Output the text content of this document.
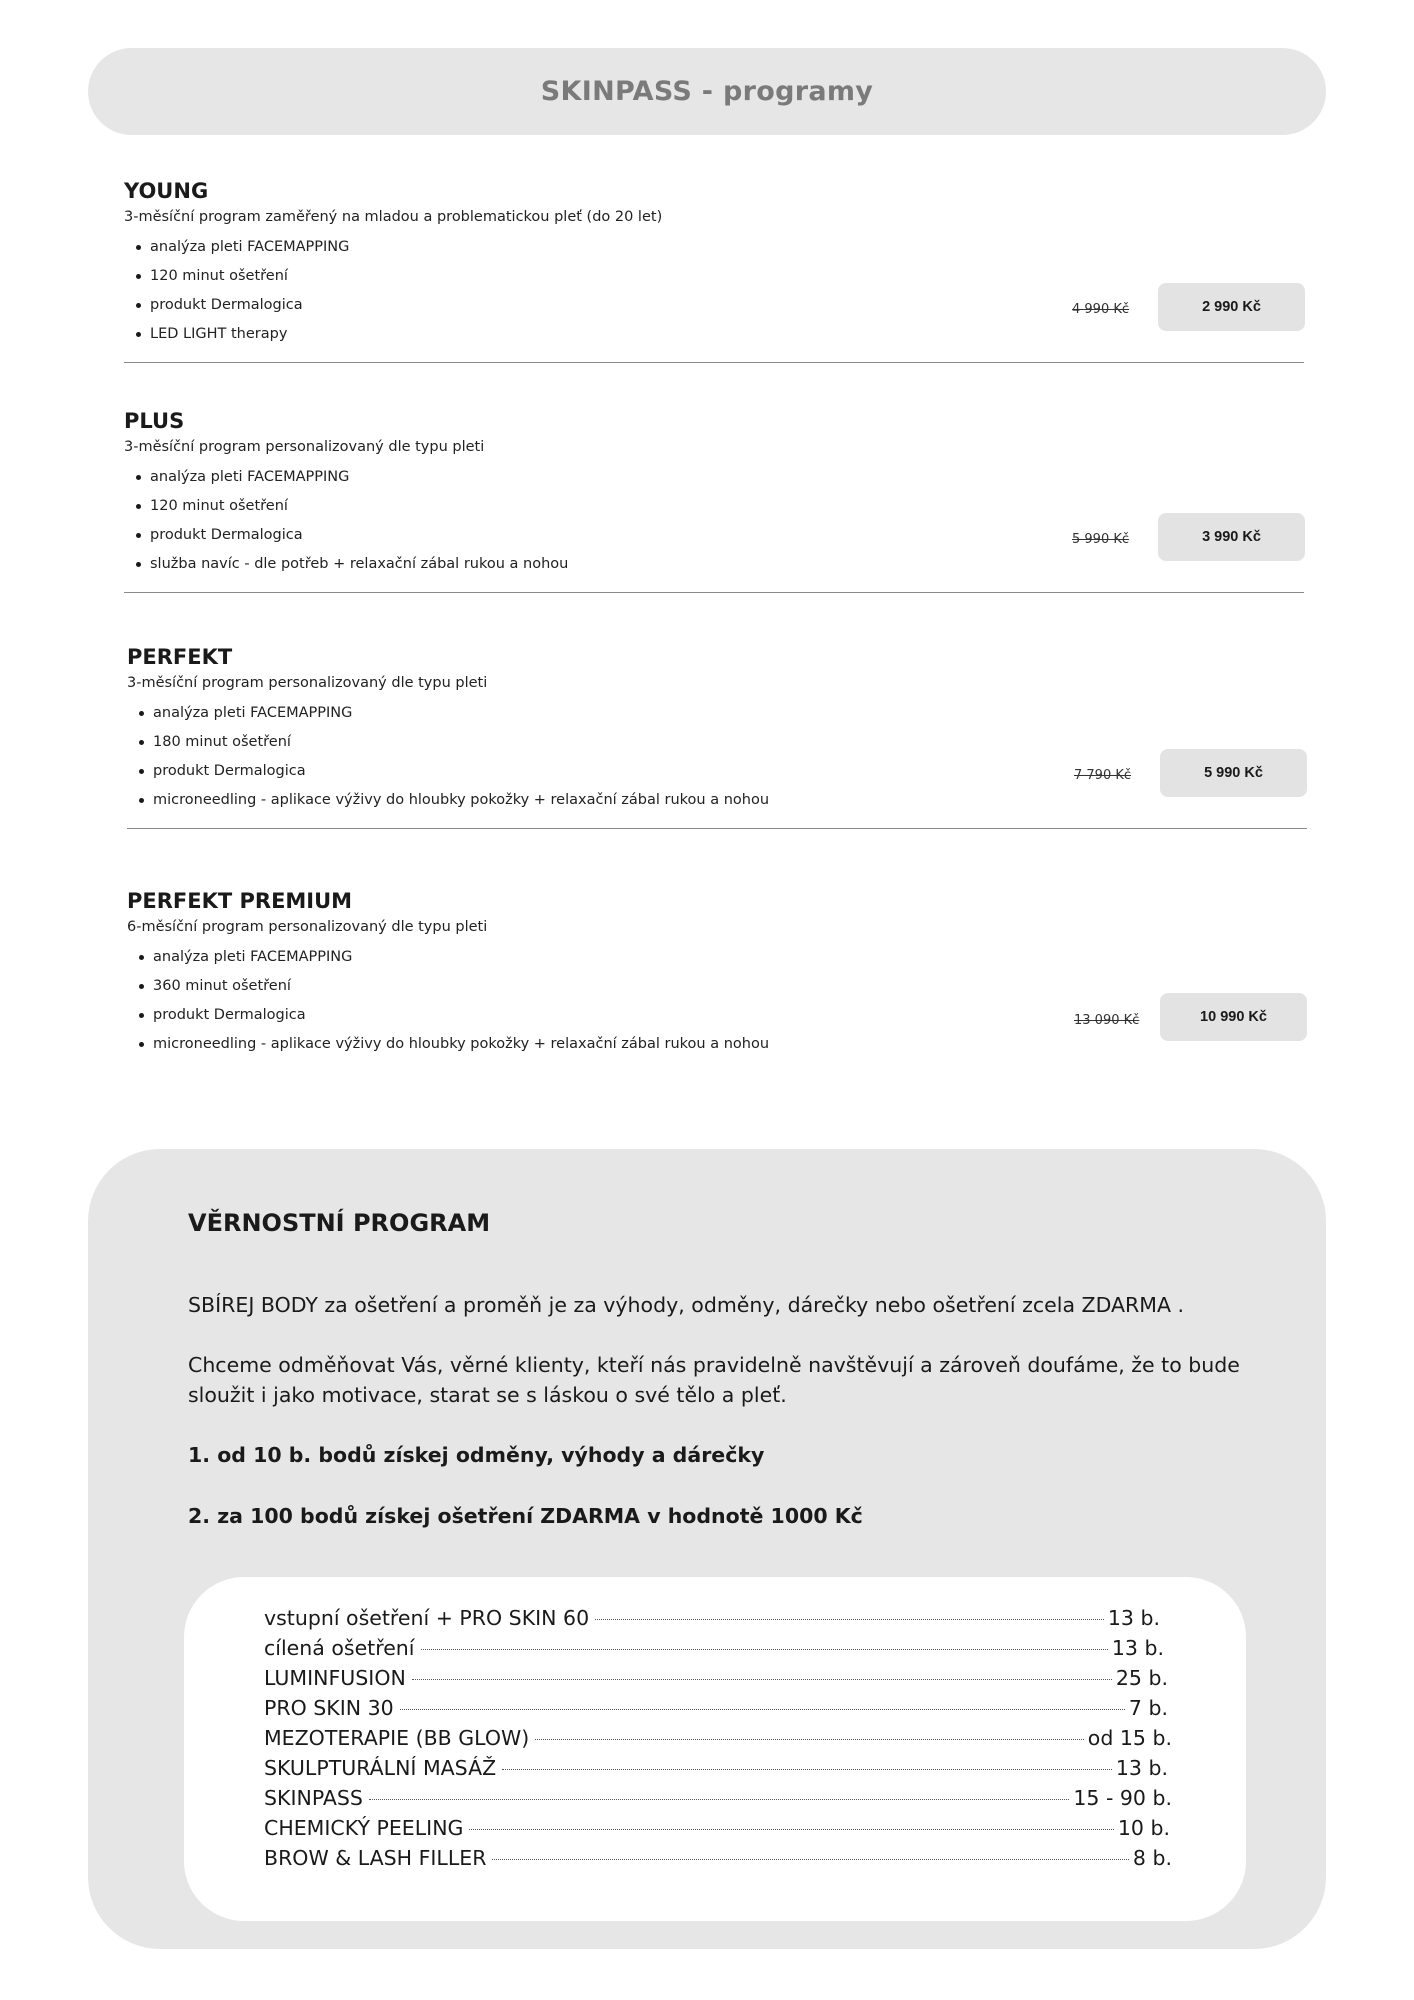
SKINPASS - programy
YOUNG

3-měsíční program zaměřený na mladou a problematickou pleť (do 20 let)

analýza pleti FACEMAPPING
120 minut ošetření
produkt Dermalogica
LED LIGHT therapy
4 990 Kč	2 990 Kč
PLUS

3-měsíční program personalizovaný dle typu pleti

analýza pleti FACEMAPPING
120 minut ošetření
produkt Dermalogica
služba navíc - dle potřeb + relaxační zábal rukou a nohou
5 990 Kč	3 990 Kč
PERFEKT

3-měsíční program personalizovaný dle typu pleti

analýza pleti FACEMAPPING
180 minut ošetření
produkt Dermalogica
microneedling - aplikace výživy do hloubky pokožky + relaxační zábal rukou a nohou
7 790 Kč	5 990 Kč
PERFEKT PREMIUM

6-měsíční program personalizovaný dle typu pleti

analýza pleti FACEMAPPING
360 minut ošetření
produkt Dermalogica
microneedling - aplikace výživy do hloubky pokožky + relaxační zábal rukou a nohou
13 090 Kč	10 990 Kč
VĚRNOSTNÍ PROGRAM

SBÍREJ BODY za ošetření a proměň je za výhody, odměny, dárečky nebo ošetření zcela ZDARMA .

Chceme odměňovat Vás, věrné klienty, kteří nás pravidelně navštěvují a zároveň doufáme, že to bude sloužit i jako motivace, starat se s láskou o své tělo a pleť.

1. od 10 b. bodů získej odměny, výhody a dárečky

2. za 100 bodů získej ošetření ZDARMA v hodnotě 1000 Kč

vstupní ošetření + PRO SKIN 60	13 b.
cílená ošetření	13 b.
LUMINFUSION	25 b.
PRO SKIN 30	7 b.
MEZOTERAPIE (BB GLOW)	od 15 b.
SKULPTURÁLNÍ MASÁŽ	13 b.
SKINPASS	15 - 90 b.
CHEMICKÝ PEELING	10 b.
BROW & LASH FILLER	8 b.
